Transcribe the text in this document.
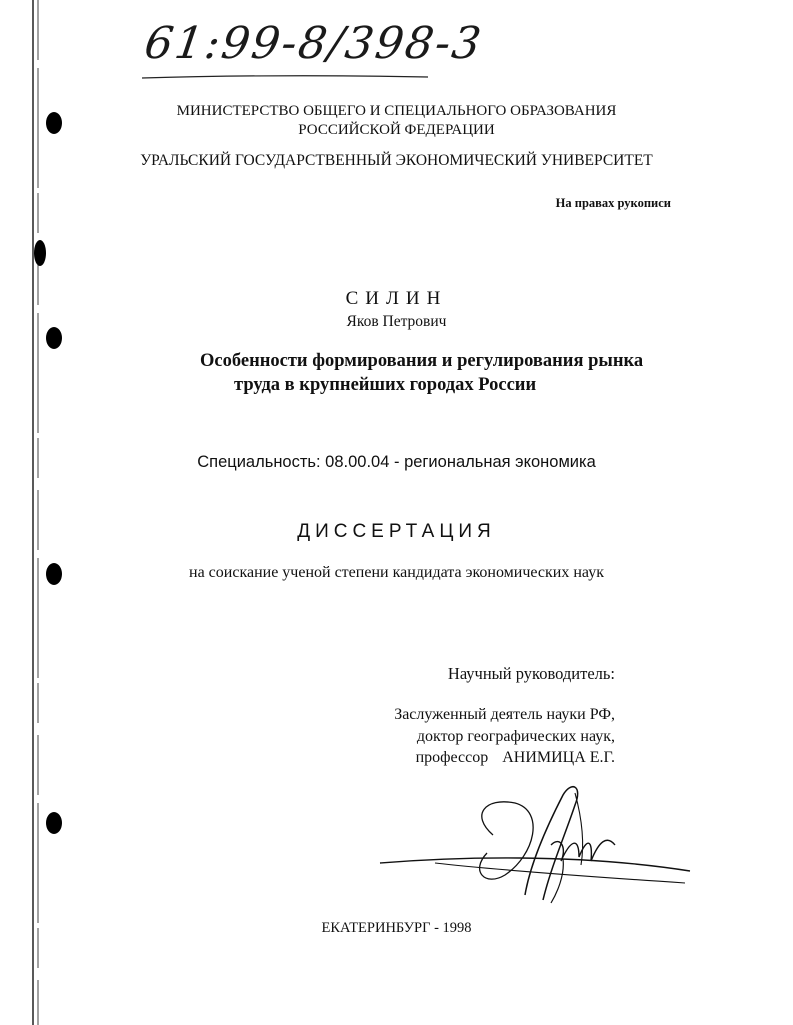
61:99-8/398-3
МИНИСТЕРСТВО ОБЩЕГО И СПЕЦИАЛЬНОГО ОБРАЗОВАНИЯ
РОССИЙСКОЙ ФЕДЕРАЦИИ
УРАЛЬСКИЙ ГОСУДАРСТВЕННЫЙ ЭКОНОМИЧЕСКИЙ УНИВЕРСИТЕТ
На правах рукописи
СИЛИН
Яков Петрович
Особенности формирования и регулирования рынка
труда в крупнейших городах России
Специальность: 08.00.04 - региональная экономика
ДИССЕРТАЦИЯ
на соискание ученой степени кандидата экономических наук
Научный руководитель:
Заслуженный деятель науки РФ,
доктор географических наук,
профессор АНИМИЦА Е.Г.
ЕКАТЕРИНБУРГ - 1998
